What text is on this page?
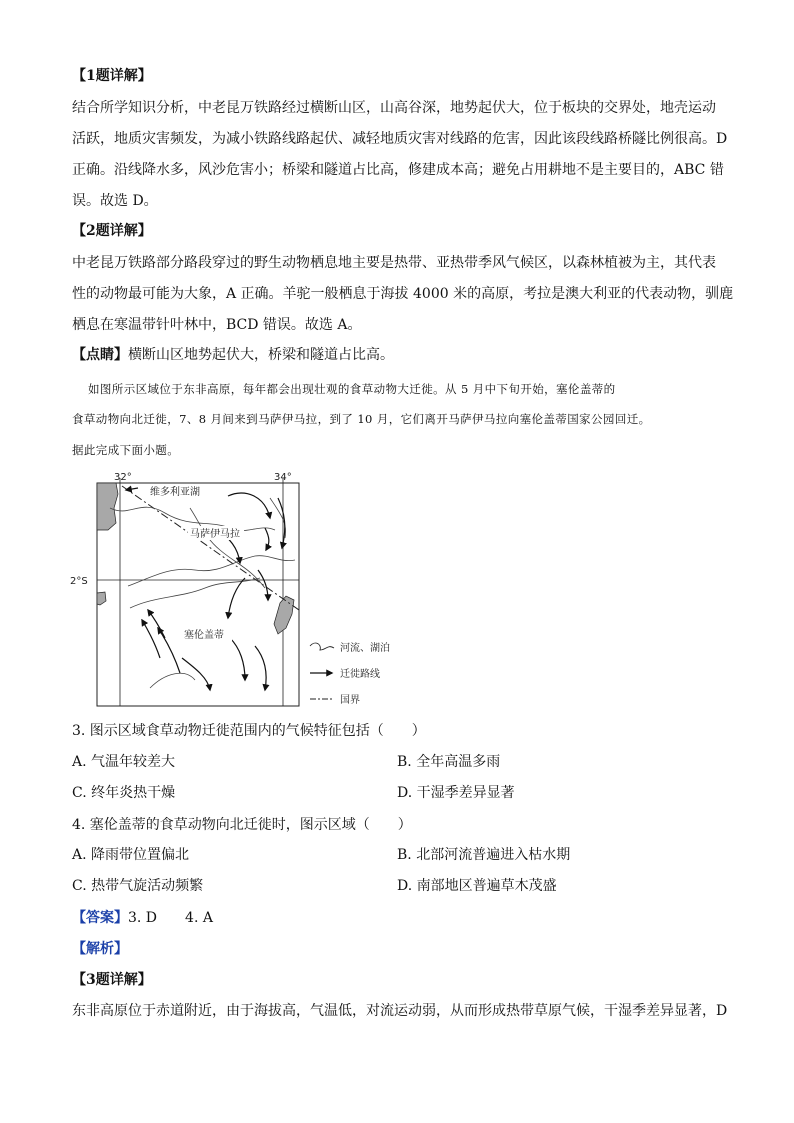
【1题详解】
结合所学知识分析，中老昆万铁路经过横断山区，山高谷深，地势起伏大，位于板块的交界处，地壳运动
活跃，地质灾害频发，为减小铁路线路起伏、减轻地质灾害对线路的危害，因此该段线路桥隧比例很高。D
正确。沿线降水多，风沙危害小；桥梁和隧道占比高，修建成本高；避免占用耕地不是主要目的，ABC 错
误。故选 D。
【2题详解】
中老昆万铁路部分路段穿过的野生动物栖息地主要是热带、亚热带季风气候区，以森林植被为主，其代表
性的动物最可能为大象，A 正确。羊驼一般栖息于海拔 4000 米的高原，考拉是澳大利亚的代表动物，驯鹿
栖息在寒温带针叶林中，BCD 错误。故选 A。
【点睛】横断山区地势起伏大，桥梁和隧道占比高。
如图所示区域位于东非高原，每年都会出现壮观的食草动物大迁徙。从 5 月中下旬开始，塞伦盖蒂的
食草动物向北迁徙，7、8 月间来到马萨伊马拉，到了 10 月，它们离开马萨伊马拉向塞伦盖蒂国家公园回迁。
据此完成下面小题。
32°	34°
2°S
维多利亚湖
马萨伊马拉
塞伦盖蒂
河流、湖泊
迁徙路线
国界
3. 图示区域食草动物迁徙范围内的气候特征包括（　　）
A. 气温年较差大	B. 全年高温多雨
C. 终年炎热干燥	D. 干湿季差异显著
4. 塞伦盖蒂的食草动物向北迁徙时，图示区域（　　）
A. 降雨带位置偏北	B. 北部河流普遍进入枯水期
C. 热带气旋活动频繁	D. 南部地区普遍草木茂盛
【答案】3. D　　4. A
【解析】
【3题详解】
东非高原位于赤道附近，由于海拔高，气温低，对流运动弱，从而形成热带草原气候，干湿季差异显著，D
